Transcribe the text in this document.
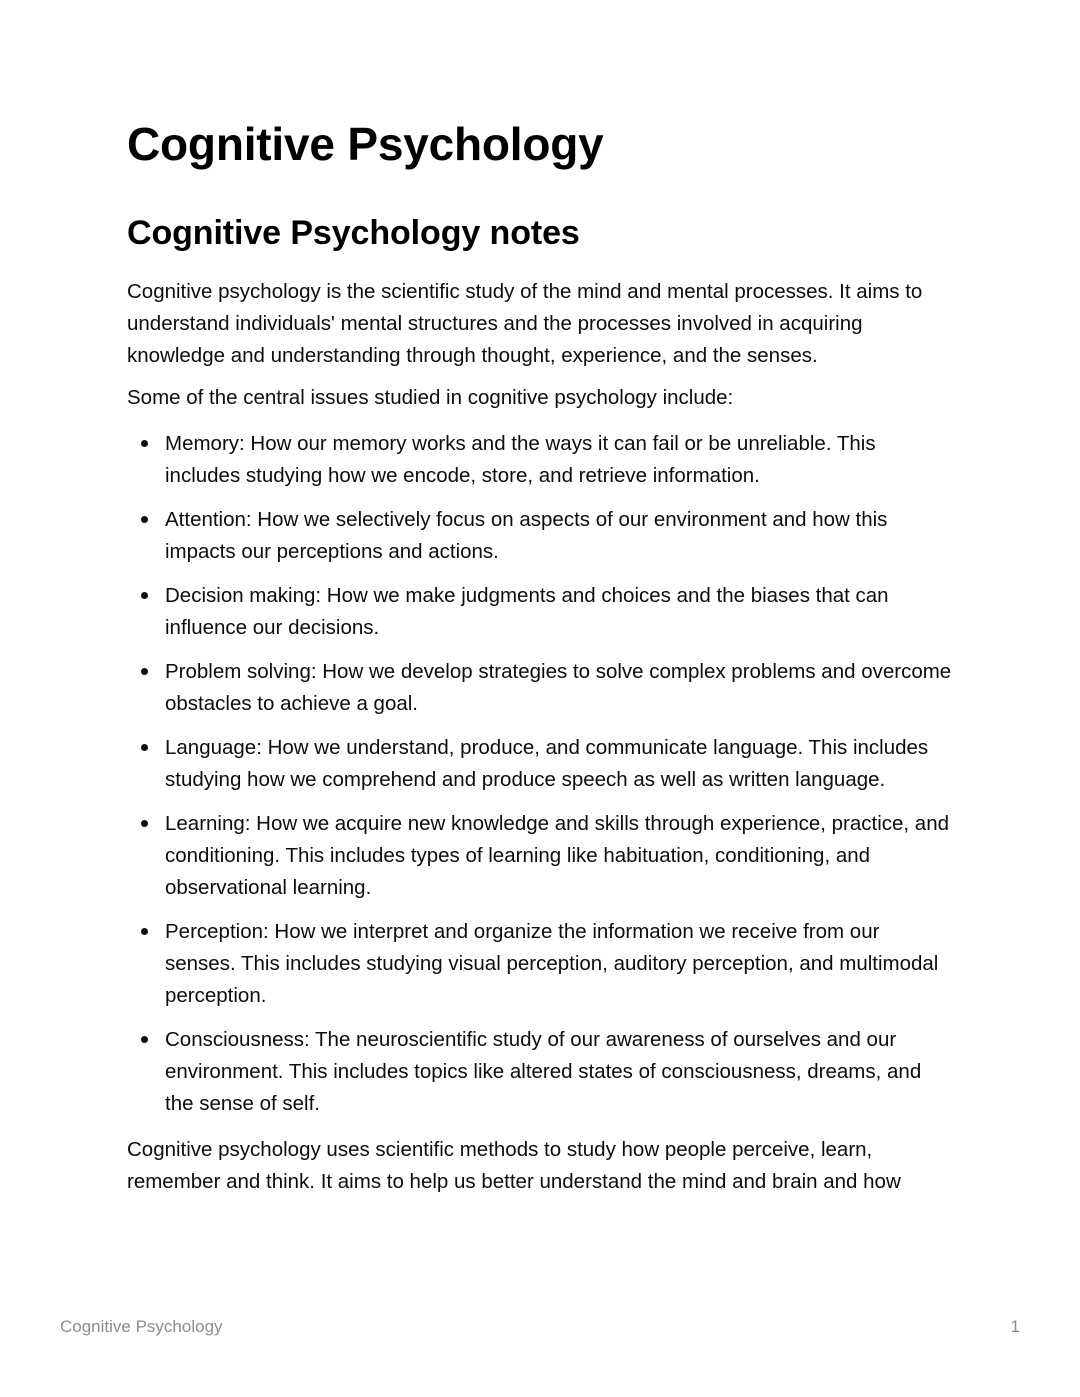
Cognitive Psychology
Cognitive Psychology notes

Cognitive psychology is the scientific study of the mind and mental processes. It aims to understand individuals' mental structures and the processes involved in acquiring knowledge and understanding through thought, experience, and the senses.

Some of the central issues studied in cognitive psychology include:

Memory: How our memory works and the ways it can fail or be unreliable. This includes studying how we encode, store, and retrieve information.
Attention: How we selectively focus on aspects of our environment and how this impacts our perceptions and actions.
Decision making: How we make judgments and choices and the biases that can influence our decisions.
Problem solving: How we develop strategies to solve complex problems and overcome obstacles to achieve a goal.
Language: How we understand, produce, and communicate language. This includes studying how we comprehend and produce speech as well as written language.
Learning: How we acquire new knowledge and skills through experience, practice, and conditioning. This includes types of learning like habituation, conditioning, and observational learning.
Perception: How we interpret and organize the information we receive from our senses. This includes studying visual perception, auditory perception, and multimodal perception.
Consciousness: The neuroscientific study of our awareness of ourselves and our environment. This includes topics like altered states of consciousness, dreams, and the sense of self.

Cognitive psychology uses scientific methods to study how people perceive, learn, remember and think. It aims to help us better understand the mind and brain and how

Cognitive Psychology	1
